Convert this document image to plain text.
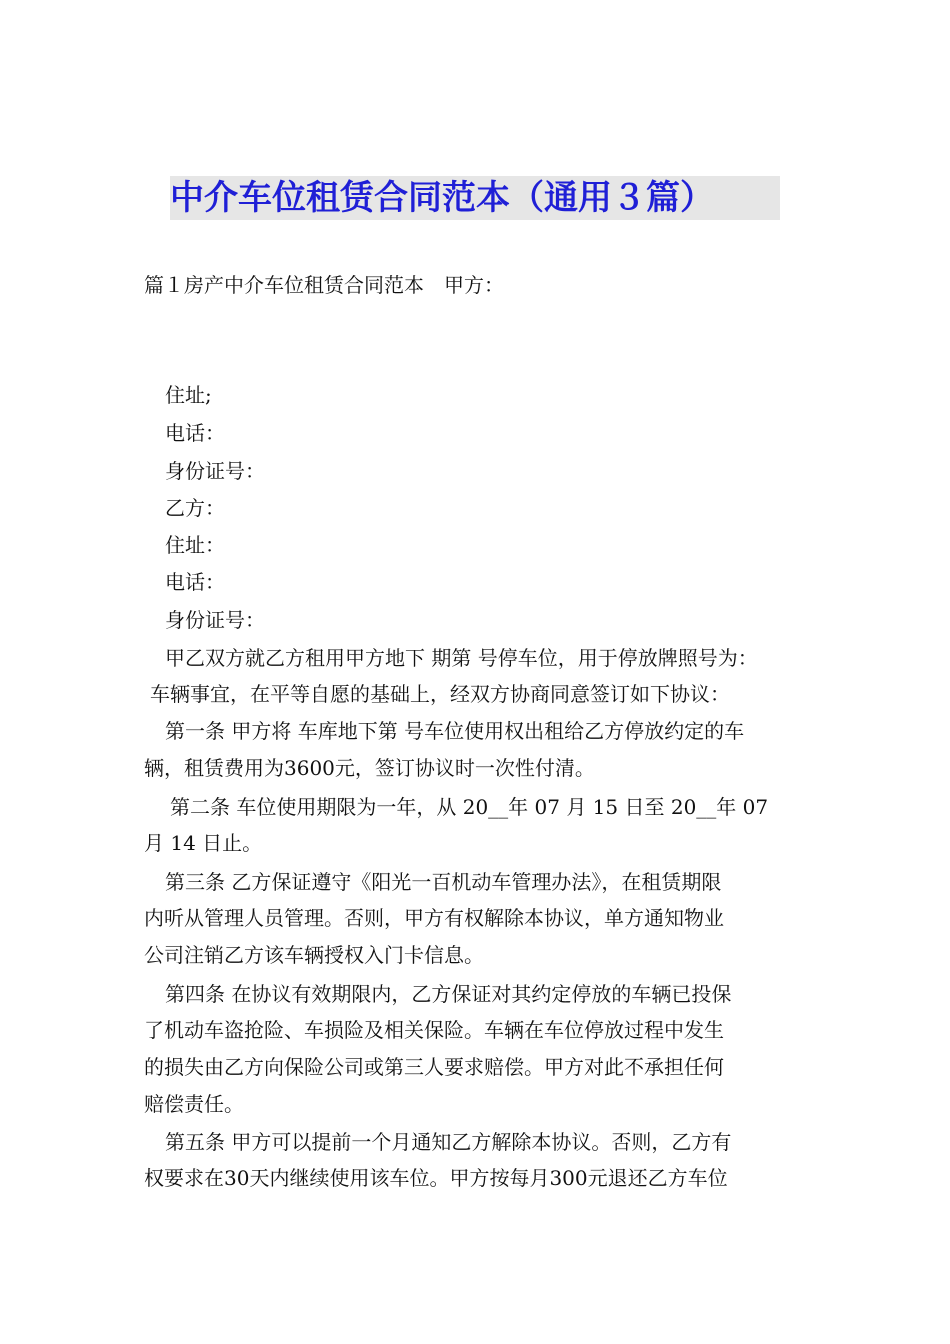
中介车位租赁合同范本（通用３篇）
篇１房产中介车位租赁合同范本　甲方：
住址;
电话：
身份证号：
乙方：
住址：
电话：
身份证号：
甲乙双方就乙方租用甲方地下 期第 号停车位，用于停放牌照号为：
车辆事宜，在平等自愿的基础上，经双方协商同意签订如下协议：
第一条 甲方将 车库地下第 号车位使用权出租给乙方停放约定的车
辆，租赁费用为3600元，签订协议时一次性付清。
第二条 车位使用期限为一年，从 20__年 07 月 15 日至 20__年 07
月 14 日止。
第三条 乙方保证遵守《阳光一百机动车管理办法》，在租赁期限
内听从管理人员管理。否则，甲方有权解除本协议，单方通知物业
公司注销乙方该车辆授权入门卡信息。
第四条 在协议有效期限内，乙方保证对其约定停放的车辆已投保
了机动车盗抢险、车损险及相关保险。车辆在车位停放过程中发生
的损失由乙方向保险公司或第三人要求赔偿。甲方对此不承担任何
赔偿责任。
第五条 甲方可以提前一个月通知乙方解除本协议。否则，乙方有
权要求在30天内继续使用该车位。甲方按每月300元退还乙方车位
